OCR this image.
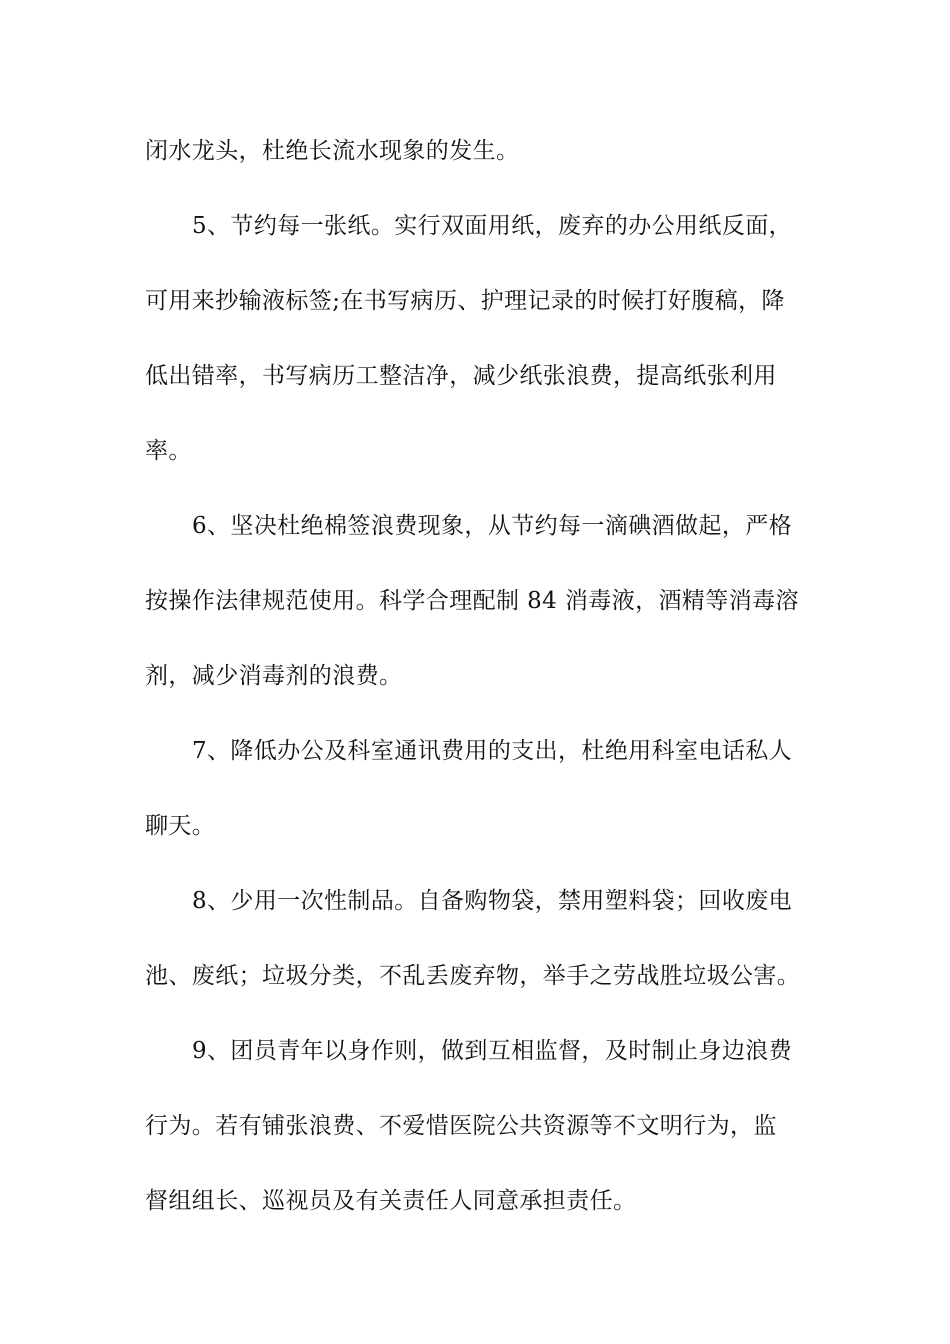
闭水龙头，杜绝长流水现象的发生。
5、节约每一张纸。实行双面用纸，废弃的办公用纸反面，
可用来抄输液标签;在书写病历、护理记录的时候打好腹稿，降
低出错率，书写病历工整洁净，减少纸张浪费，提高纸张利用
率。
6、坚决杜绝棉签浪费现象，从节约每一滴碘酒做起，严格
按操作法律规范使用。科学合理配制 84 消毒液，酒精等消毒溶
剂，减少消毒剂的浪费。
7、降低办公及科室通讯费用的支出，杜绝用科室电话私人
聊天。
8、少用一次性制品。自备购物袋，禁用塑料袋；回收废电
池、废纸；垃圾分类，不乱丢废弃物，举手之劳战胜垃圾公害。
9、团员青年以身作则，做到互相监督，及时制止身边浪费
行为。若有铺张浪费、不爱惜医院公共资源等不文明行为，监
督组组长、巡视员及有关责任人同意承担责任。
